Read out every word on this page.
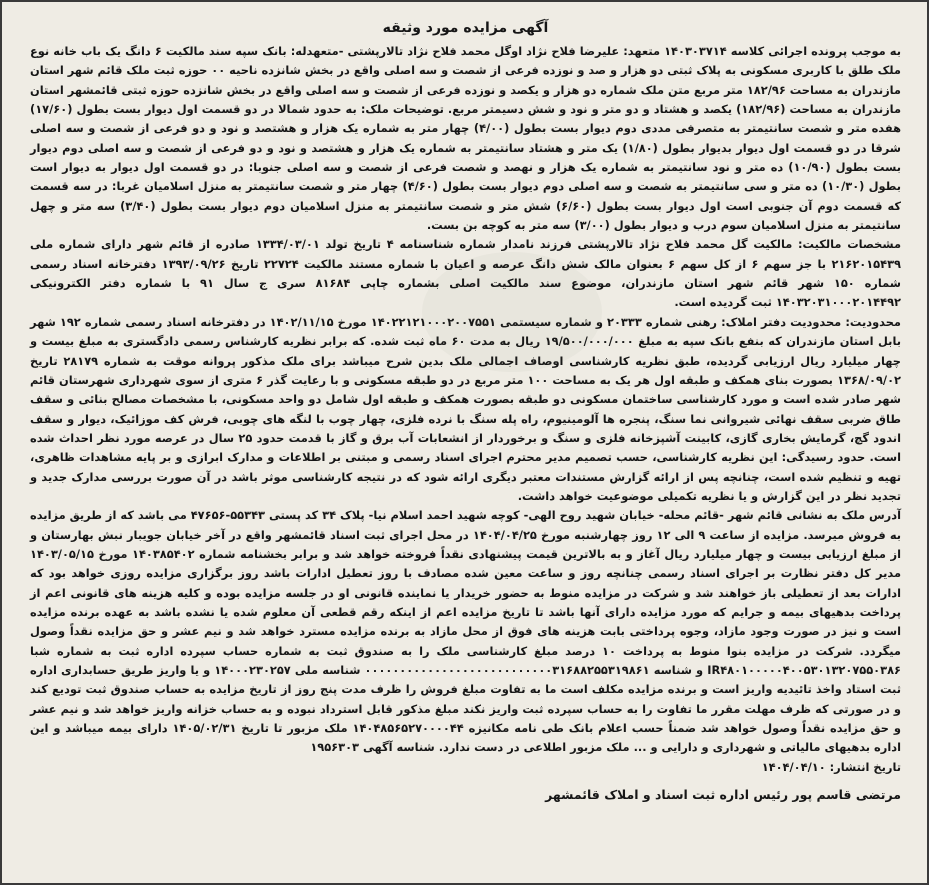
آگهی مزایده مورد وثیقه

به موجب پرونده اجرائی کلاسه ۱۴۰۳۰۳۷۱۴ متعهد: علیرضا فلاح نژاد اوگل محمد فلاح نژاد تالارپشتی -متعهدله: بانک سپه سند مالکیت ۶ دانگ یک باب خانه نوع ملک طلق با کاربری مسکونی به پلاک ثبتی دو هزار و صد و نوزده فرعی از شصت و سه اصلی واقع در بخش شانزده ناحیه ۰۰ حوزه ثبت ملک قائم شهر استان مازندران به مساحت ۱۸۲/۹۶ متر مربع متن ملک شماره دو هزار و یکصد و نوزده فرعی از شصت و سه اصلی واقع در بخش شانزده حوزه ثبتی قائمشهر استان مازندران به مساحت (۱۸۲/۹۶) یکصد و هشتاد و دو متر و نود و شش دسیمتر مربع. توضیحات ملک: به حدود شمالا در دو قسمت اول دیوار بست بطول (۱۷/۶۰) هفده متر و شصت سانتیمتر به متصرفی مددی دوم دیوار بست بطول (۴/۰۰) چهار متر به شماره یک هزار و هشتصد و نود و دو فرعی از شصت و سه اصلی شرقا در دو قسمت اول دیوار بدیوار بطول (۱/۸۰) یک متر و هشتاد سانتیمتر به شماره یک هزار و هشتصد و نود و دو فرعی از شصت و سه اصلی دوم دیوار بست بطول (۱۰/۹۰) ده متر و نود سانتیمتر به شماره یک هزار و نهصد و شصت فرعی از شصت و سه اصلی جنوبا: در دو قسمت اول دیوار به دیوار است بطول (۱۰/۳۰) ده متر و سی سانتیمتر به شصت و سه اصلی دوم دیوار بست بطول (۴/۶۰) چهار متر و شصت سانتیمتر به منزل اسلامیان غربا: در سه قسمت که قسمت دوم آن جنوبی است اول دیوار بست بطول (۶/۶۰) شش متر و شصت سانتیمتر به منزل اسلامیان دوم دیوار بست بطول (۳/۴۰) سه متر و چهل سانتیمتر به منزل اسلامیان سوم درب و دیوار بطول (۳/۰۰) سه متر به کوچه بن بست.

مشخصات مالکیت: مالکیت گل محمد فلاح نژاد تالارپشتی فرزند نامدار شماره شناسنامه ۴ تاریخ تولد ۱۳۳۴/۰۳/۰۱ صادره از قائم شهر دارای شماره ملی ۲۱۶۲۰۱۵۴۳۹ با جز سهم ۶ از کل سهم ۶ بعنوان مالک شش دانگ عرصه و اعیان با شماره مستند مالکیت ۲۲۷۲۴ تاریخ ۱۳۹۳/۰۹/۲۶ دفترخانه اسناد رسمی شماره ۱۵۰ شهر قائم شهر استان مازندران، موضوع سند مالکیت اصلی بشماره چاپی ۸۱۶۸۴ سری ج سال ۹۱ با شماره دفتر الکترونیکی ۱۴۰۳۲۰۳۱۰۰۰۲۰۱۴۴۹۲ ثبت گردیده است.

محدودیت: محدودیت دفتر املاک: رهنی شماره ۲۰۳۳۳ و شماره سیستمی ۱۴۰۲۲۱۲۱۰۰۰۲۰۰۷۵۵۱ مورخ ۱۴۰۲/۱۱/۱۵ در دفترخانه اسناد رسمی شماره ۱۹۲ شهر بابل استان مازندران که بنفع بانک سپه به مبلغ ۱۹/۵۰۰/۰۰۰/۰۰۰ ریال به مدت ۶۰ ماه ثبت شده. که برابر نظریه کارشناس رسمی دادگستری به مبلغ بیست و چهار میلیارد ریال ارزیابی گردیده، طبق نظریه کارشناسی اوصاف اجمالی ملک بدین شرح میباشد برای ملک مذکور پروانه موقت به شماره ۲۸۱۷۹ تاریخ ۱۳۶۸/۰۹/۰۲ بصورت بنای همکف و طبقه اول هر یک به مساحت ۱۰۰ متر مربع در دو طبقه مسکونی و با رعایت گذر ۶ متری از سوی شهرداری شهرستان قائم شهر صادر شده است و مورد کارشناسی ساختمان مسکونی دو طبقه بصورت همکف و طبقه اول شامل دو واحد مسکونی، با مشخصات مصالح بنائی و سقف طاق ضربی سقف نهائی شیروانی نما سنگ، پنجره ها آلومینیوم، راه پله سنگ با نرده فلزی، چهار چوب با لنگه های چوبی، فرش کف موزائیک، دیوار و سقف اندود گچ، گرمایش بخاری گازی، کابینت آشپزخانه فلزی و سنگ و برخوردار از انشعابات آب برق و گاز با قدمت حدود ۲۵ سال در عرصه مورد نظر احداث شده است. حدود رسیدگی: این نظریه کارشناسی، حسب تصمیم مدیر محترم اجرای اسناد رسمی و مبتنی بر اطلاعات و مدارک ابرازی و بر پایه مشاهدات ظاهری، تهیه و تنظیم شده است، چنانچه پس از ارائه گزارش مستندات معتبر دیگری ارائه شود که در نتیجه کارشناسی موثر باشد در آن صورت بررسی مدارک جدید و تجدید نظر در این گزارش و یا نظریه تکمیلی موضوعیت خواهد داشت.

آدرس ملک به نشانی قائم شهر -قائم محله- خیابان شهید روح الهی- کوچه شهید احمد اسلام نیا- پلاک ۳۴ کد پستی ۵۵۳۴۳-۴۷۶۵۶ می باشد که از طریق مزایده به فروش میرسد. مزایده از ساعت ۹ الی ۱۲ روز چهارشنبه مورخ ۱۴۰۴/۰۴/۲۵ در محل اجرای ثبت اسناد قائمشهر واقع در آخر خیابان جویبار نبش بهارستان و از مبلغ ارزیابی بیست و چهار میلیارد ریال آغاز و به بالاترین قیمت پیشنهادی نقداً فروخته خواهد شد و برابر بخشنامه شماره ۱۴۰۳۸۵۴۰۲ مورخ ۱۴۰۳/۰۵/۱۵ مدیر کل دفتر نظارت بر اجرای اسناد رسمی چنانچه روز و ساعت معین شده مصادف با روز تعطیل ادارات باشد روز برگزاری مزایده روزی خواهد بود که ادارات بعد از تعطیلی باز خواهند شد و شرکت در مزایده منوط به حضور خریدار یا نماینده قانونی او در جلسه مزایده بوده و کلیه هزینه های قانونی اعم از پرداخت بدهیهای بیمه و جرایم که مورد مزایده دارای آنها باشد تا تاریخ مزایده اعم از اینکه رقم قطعی آن معلوم شده یا نشده باشد به عهده برنده مزایده است و نیز در صورت وجود مازاد، وجوه پرداختی بابت هزینه های فوق از محل مازاد به برنده مزایده مسترد خواهد شد و نیم عشر و حق مزایده نقداً وصول میگردد. شرکت در مزایده بنوا منوط به پرداخت ۱۰ درصد مبلغ کارشناسی ملک را به صندوق ثبت به شماره حساب سپرده اداره ثبت به شماره شبا IR۴۸۰۱۰۰۰۰۰۴۰۰۵۳۰۱۳۲۰۷۵۵۰۳۸۶ و شناسه ۰۰۰۰۰۰۰۰۰۰۰۰۰۰۰۰۰۰۰۰۰۰۰۰۰۰۰۳۱۶۸۸۲۵۵۳۱۹۸۶۱ شناسه ملی ۱۴۰۰۰۲۳۰۲۵۷ و یا واریز طریق حسابداری اداره ثبت استاد واخذ تائیدیه واریز است و برنده مزایده مکلف است ما به تفاوت مبلغ فروش را ظرف مدت پنج روز از تاریخ مزایده به حساب صندوق ثبت تودیع کند و در صورتی که ظرف مهلت مقرر ما تفاوت را به حساب سپرده ثبت واریز نکند مبلغ مذکور قابل استرداد نبوده و به حساب خزانه واریز خواهد شد و نیم عشر و حق مزایده نقداً وصول خواهد شد ضمناً حسب اعلام بانک طی نامه مکانیزه ۱۴۰۴۸۵۶۵۲۷۰۰۰۰۴۴ ملک مزبور تا تاریخ ۱۴۰۵/۰۲/۳۱ دارای بیمه میباشد و این اداره بدهیهای مالیاتی و شهرداری و دارایی و ... ملک مزبور اطلاعی در دست ندارد. شناسه آگهی ۱۹۵۶۳۰۳

تاریخ انتشار: ۱۴۰۴/۰۴/۱۰
مرتضی قاسم پور رئیس اداره ثبت اسناد و املاک قائمشهر
